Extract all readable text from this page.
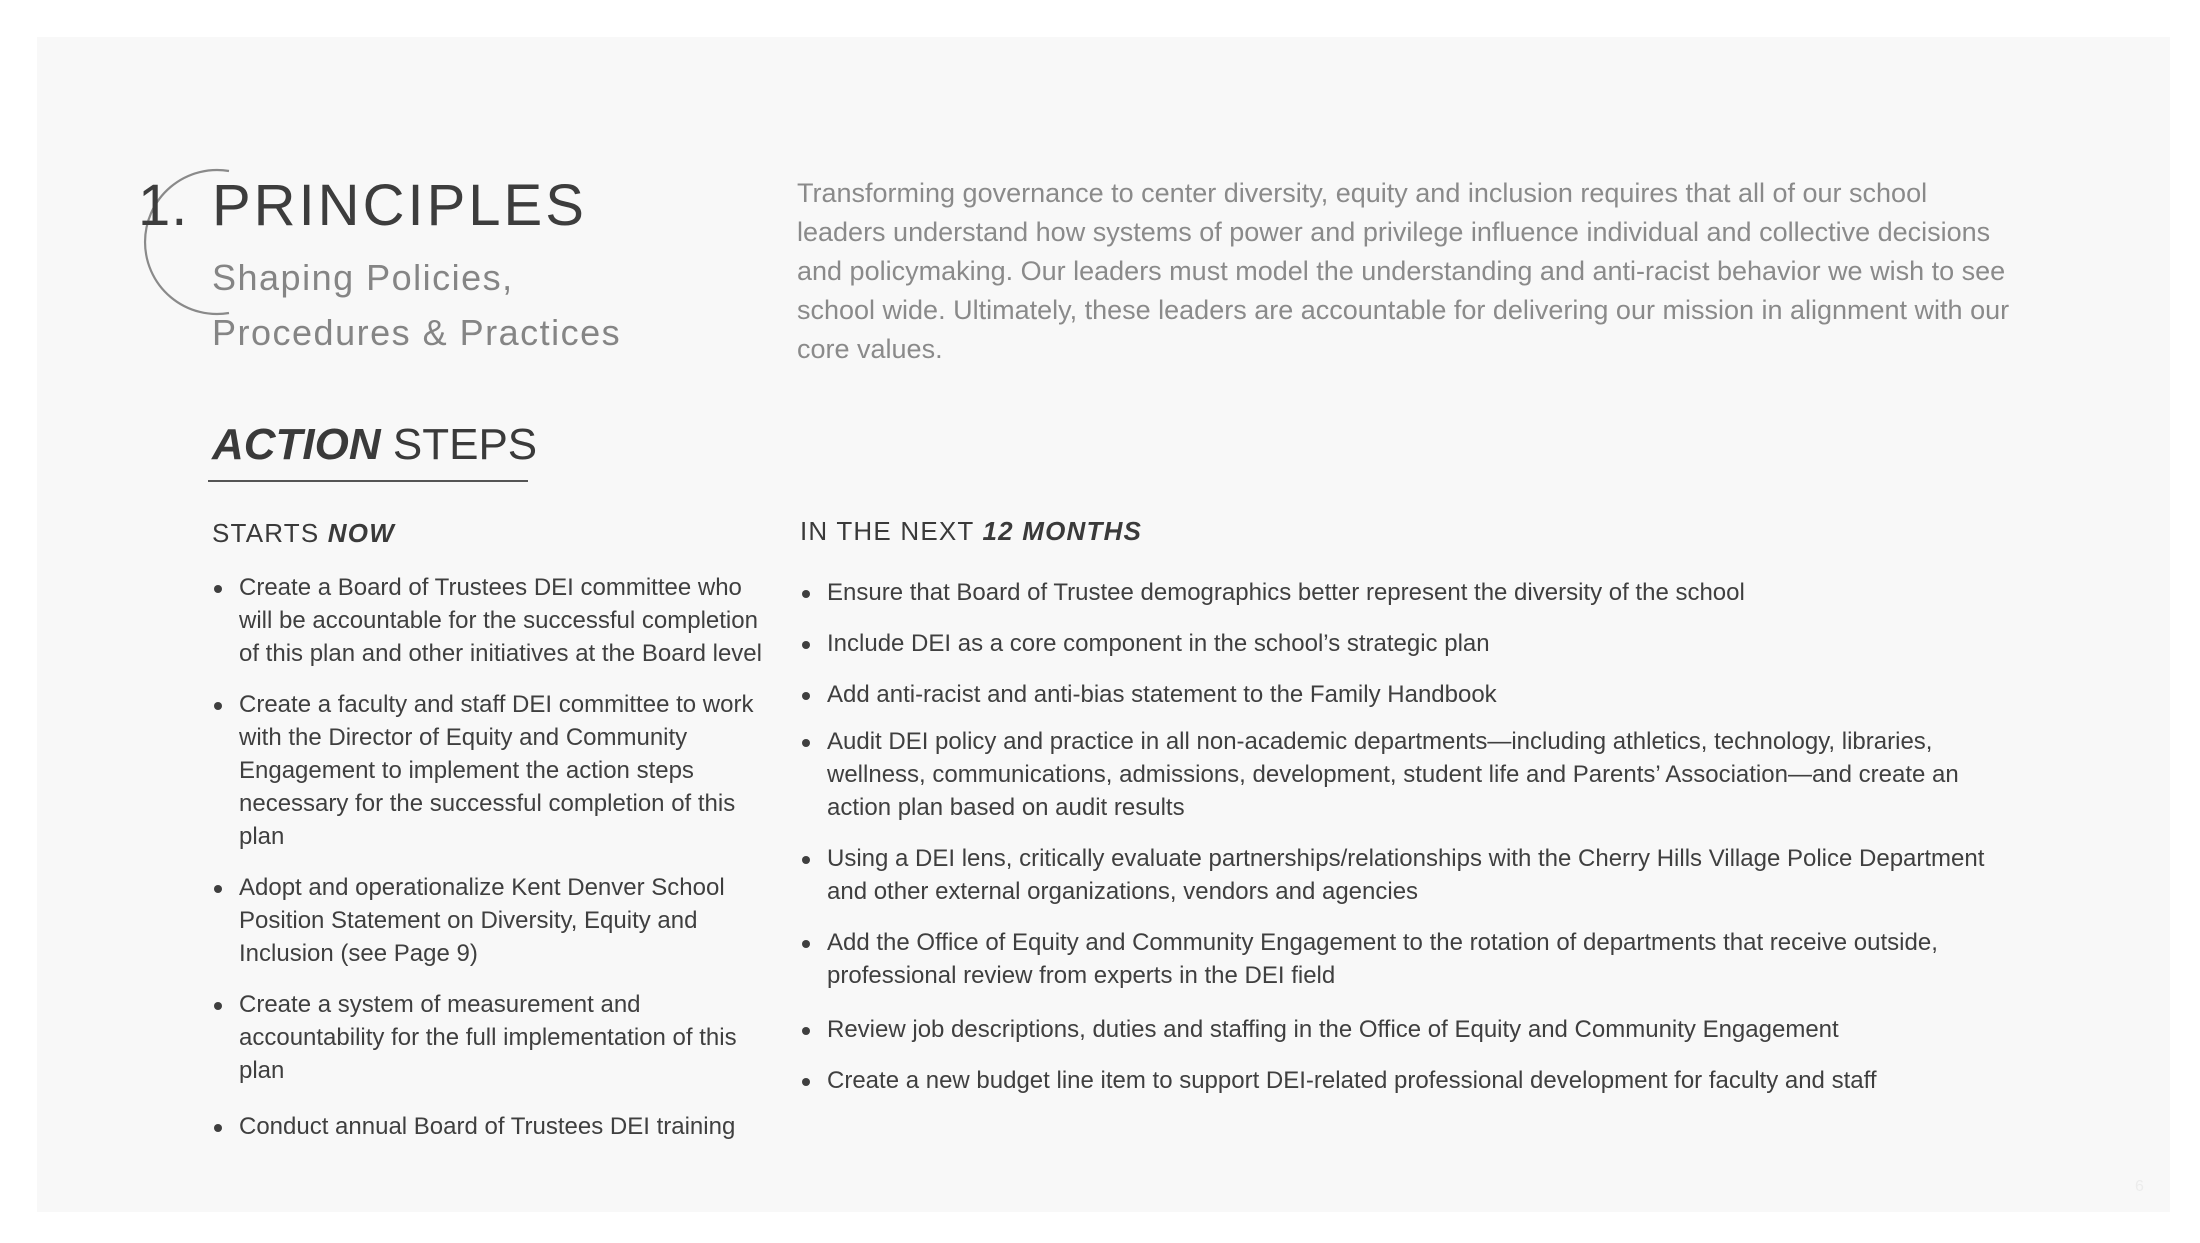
1. PRINCIPLES
Shaping Policies,
Procedures & Practices
Transforming governance to center diversity, equity and inclusion requires that all of our school leaders understand how systems of power and privilege influence individual and collective decisions and policymaking. Our leaders must model the understanding and anti-racist behavior we wish to see school wide. Ultimately, these leaders are accountable for delivering our mission in alignment with our core values.
ACTION STEPS
STARTS NOW
Create a Board of Trustees DEI committee who will be accountable for the successful completion of this plan and other initiatives at the Board level
Create a faculty and staff DEI committee to work with the Director of Equity and Community Engagement to implement the action steps necessary for the successful completion of this plan
Adopt and operationalize Kent Denver School Position Statement on Diversity, Equity and Inclusion (see Page 9)
Create a system of measurement and accountability for the full implementation of this plan
Conduct annual Board of Trustees DEI training
IN THE NEXT 12 MONTHS
Ensure that Board of Trustee demographics better represent the diversity of the school
Include DEI as a core component in the school’s strategic plan
Add anti-racist and anti-bias statement to the Family Handbook
Audit DEI policy and practice in all non-academic departments—including athletics, technology, libraries, wellness, communications, admissions, development, student life and Parents’ Association—and create an action plan based on audit results
Using a DEI lens, critically evaluate partnerships/relationships with the Cherry Hills Village Police Department and other external organizations, vendors and agencies
Add the Office of Equity and Community Engagement to the rotation of departments that receive outside, professional review from experts in the DEI field
Review job descriptions, duties and staffing in the Office of Equity and Community Engagement
Create a new budget line item to support DEI-related professional development for faculty and staff
6
